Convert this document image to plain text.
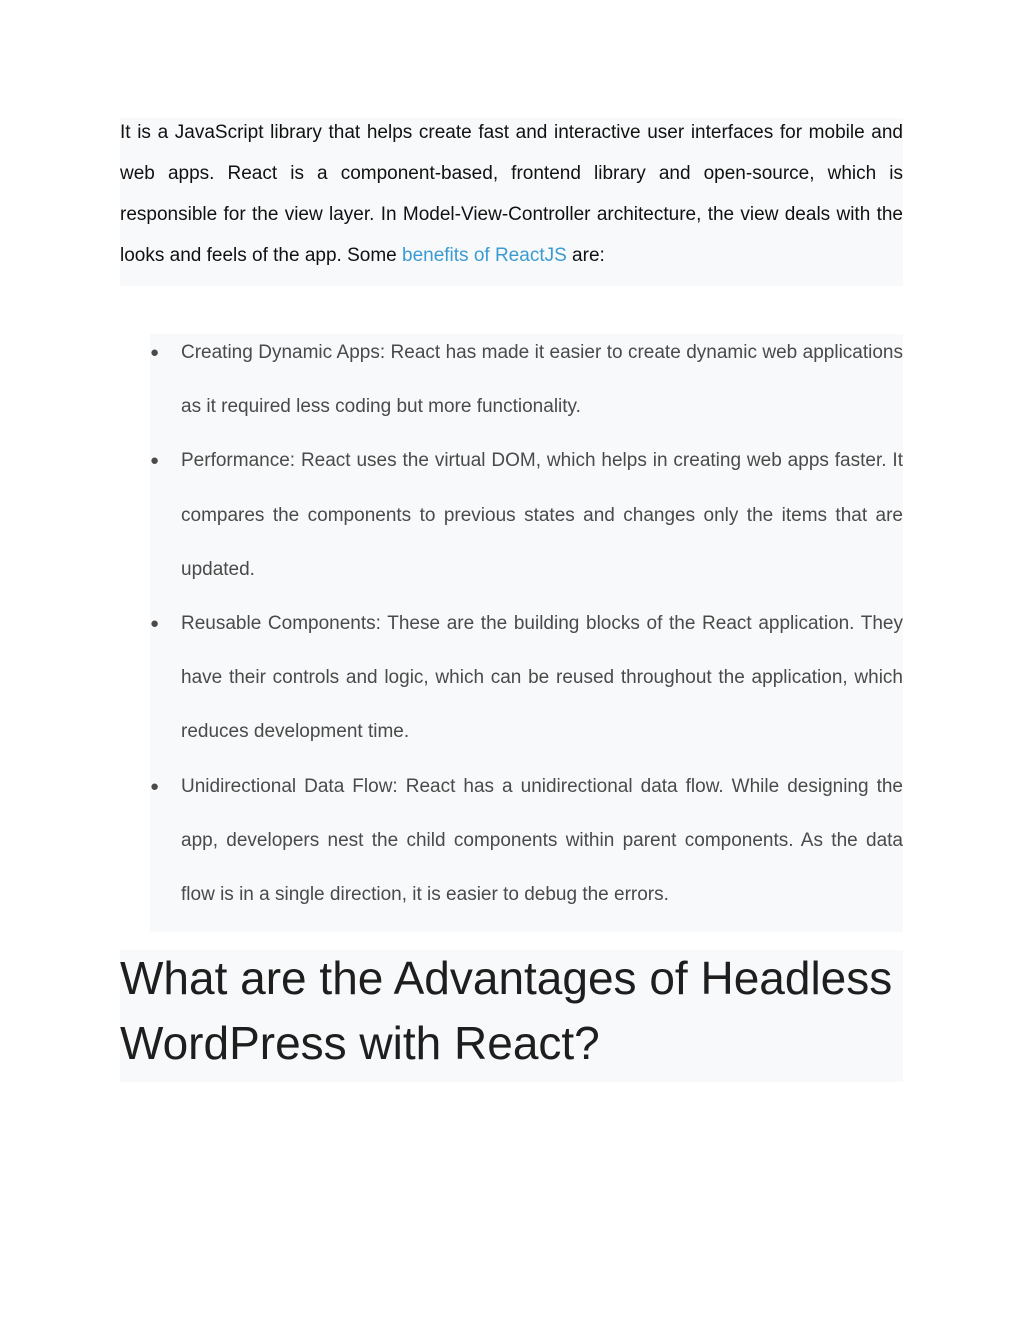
It is a JavaScript library that helps create fast and interactive user interfaces for mobile and web apps. React is a component-based, frontend library and open-source, which is responsible for the view layer. In Model-View-Controller architecture, the view deals with the looks and feels of the app. Some benefits of ReactJS are:

● Creating Dynamic Apps: React has made it easier to create dynamic web applications as it required less coding but more functionality.
● Performance: React uses the virtual DOM, which helps in creating web apps faster. It compares the components to previous states and changes only the items that are updated.
● Reusable Components: These are the building blocks of the React application. They have their controls and logic, which can be reused throughout the application, which reduces development time.
● Unidirectional Data Flow: React has a unidirectional data flow. While designing the app, developers nest the child components within parent components. As the data flow is in a single direction, it is easier to debug the errors.
What are the Advantages of Headless WordPress with React?
